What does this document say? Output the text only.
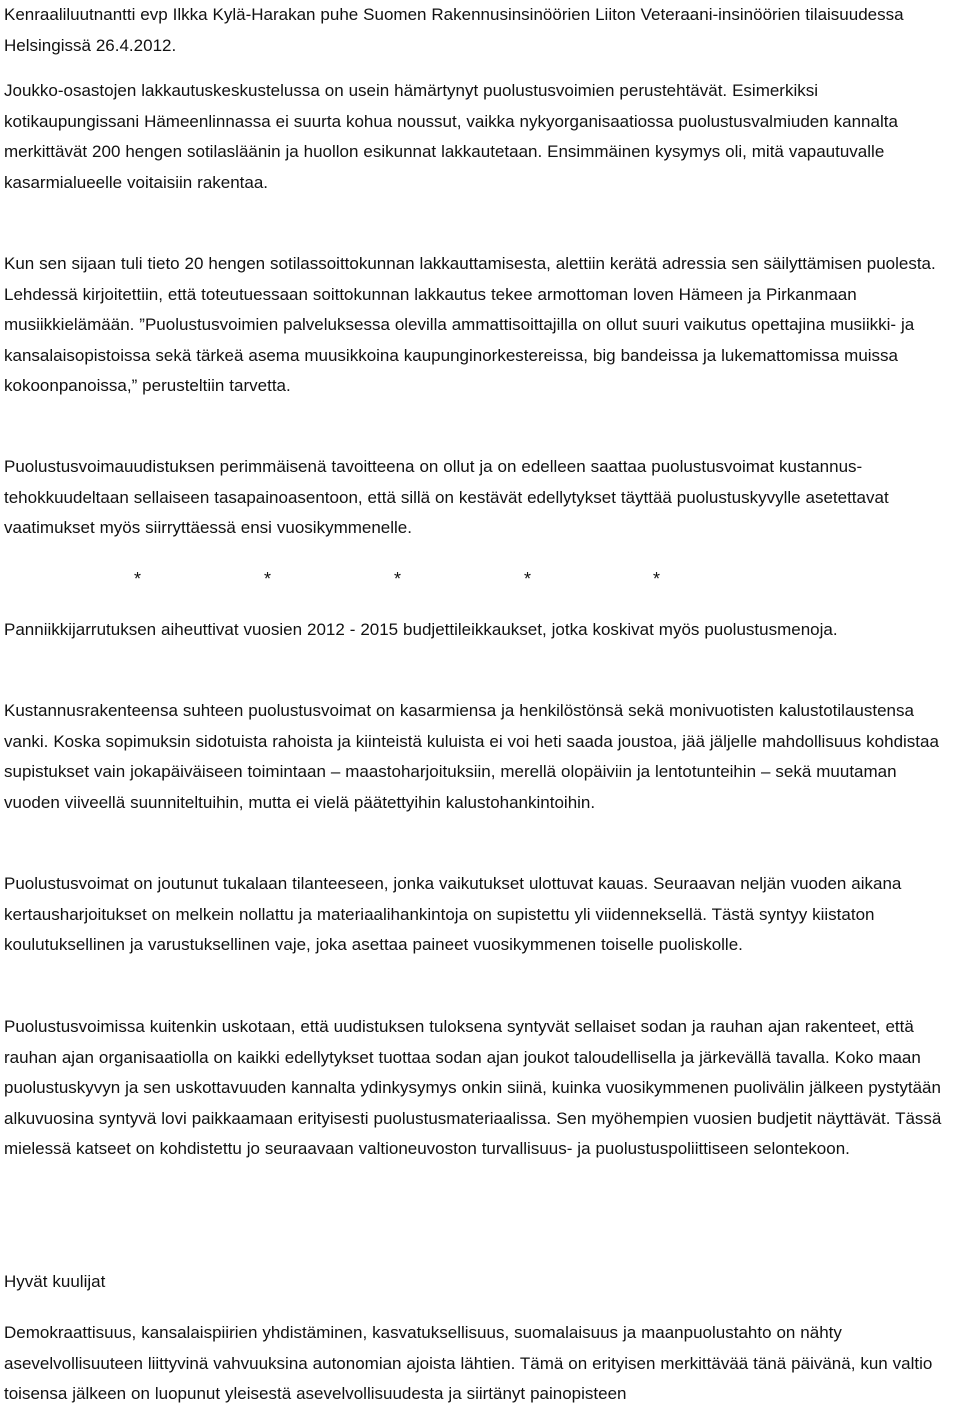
Kenraaliluutnantti evp Ilkka Kylä-Harakan puhe Suomen Rakennusinsinöörien Liiton Veteraani-insinöörien tilaisuudessa Helsingissä 26.4.2012.

Joukko-osastojen lakkautuskeskustelussa on usein hämärtynyt puolustusvoimien perustehtävät. Esimerkiksi kotikaupungissani Hämeenlinnassa ei suurta kohua noussut, vaikka nykyorganisaatiossa puolustusvalmiuden kannalta merkittävät 200 hengen sotilasläänin ja huollon esikunnat lakkautetaan. Ensimmäinen kysymys oli, mitä vapautuvalle kasarmialueelle voitaisiin rakentaa.

Kun sen sijaan tuli tieto 20 hengen sotilassoittokunnan lakkauttamisesta, alettiin kerätä adressia sen säilyttämisen puolesta. Lehdessä kirjoitettiin, että toteutuessaan soittokunnan lakkautus tekee armottoman loven Hämeen ja Pirkanmaan musiikkielämään. ”Puolustusvoimien palveluksessa olevilla ammattisoittajilla on ollut suuri vaikutus opettajina musiikki- ja kansalaisopistoissa sekä tärkeä asema muusikkoina kaupunginorkestereissa, big bandeissa ja lukemattomissa muissa kokoonpanoissa,” perusteltiin tarvetta.

Puolustusvoimauudistuksen perimmäisenä tavoitteena on ollut ja on edelleen saattaa puolustusvoimat kustannus-tehokkuudeltaan sellaiseen tasapainoasentoon, että sillä on kestävät edellytykset täyttää puolustuskyvylle asetettavat vaatimukset myös siirryttäessä ensi vuosikymmenelle.

*	*	*	*	*

Panniikkijarrutuksen aiheuttivat vuosien 2012 - 2015 budjettileikkaukset, jotka koskivat myös puolustusmenoja.

Kustannusrakenteensa suhteen puolustusvoimat on kasarmiensa ja henkilöstönsä sekä monivuotisten kalustotilaustensa vanki. Koska sopimuksin sidotuista rahoista ja kiinteistä kuluista ei voi heti saada joustoa, jää jäljelle mahdollisuus kohdistaa supistukset vain jokapäiväiseen toimintaan – maastoharjoituksiin, merellä olopäiviin ja lentotunteihin – sekä muutaman vuoden viiveellä suunniteltuihin, mutta ei vielä päätettyihin kalustohankintoihin.

Puolustusvoimat on joutunut tukalaan tilanteeseen, jonka vaikutukset ulottuvat kauas. Seuraavan neljän vuoden aikana kertausharjoitukset on melkein nollattu ja materiaalihankintoja on supistettu yli viidenneksellä. Tästä syntyy kiistaton koulutuksellinen ja varustuksellinen vaje, joka asettaa paineet vuosikymmenen toiselle puoliskolle.

Puolustusvoimissa kuitenkin uskotaan, että uudistuksen tuloksena syntyvät sellaiset sodan ja rauhan ajan rakenteet, että rauhan ajan organisaatiolla on kaikki edellytykset tuottaa sodan ajan joukot taloudellisella ja järkevällä tavalla. Koko maan puolustuskyvyn ja sen uskottavuuden kannalta ydinkysymys onkin siinä, kuinka vuosikymmenen puolivälin jälkeen pystytään alkuvuosina syntyvä lovi paikkaamaan erityisesti puolustusmateriaalissa. Sen myöhempien vuosien budjetit näyttävät. Tässä mielessä katseet on kohdistettu jo seuraavaan valtioneuvoston turvallisuus- ja puolustuspoliittiseen selontekoon.

Hyvät kuulijat

Demokraattisuus, kansalaispiirien yhdistäminen, kasvatuksellisuus, suomalaisuus ja maanpuolustahto on nähty asevelvollisuuteen liittyvinä vahvuuksina autonomian ajoista lähtien. Tämä on erityisen merkittävää tänä päivänä, kun valtio toisensa jälkeen on luopunut yleisestä asevelvollisuudesta ja siirtänyt painopisteen
